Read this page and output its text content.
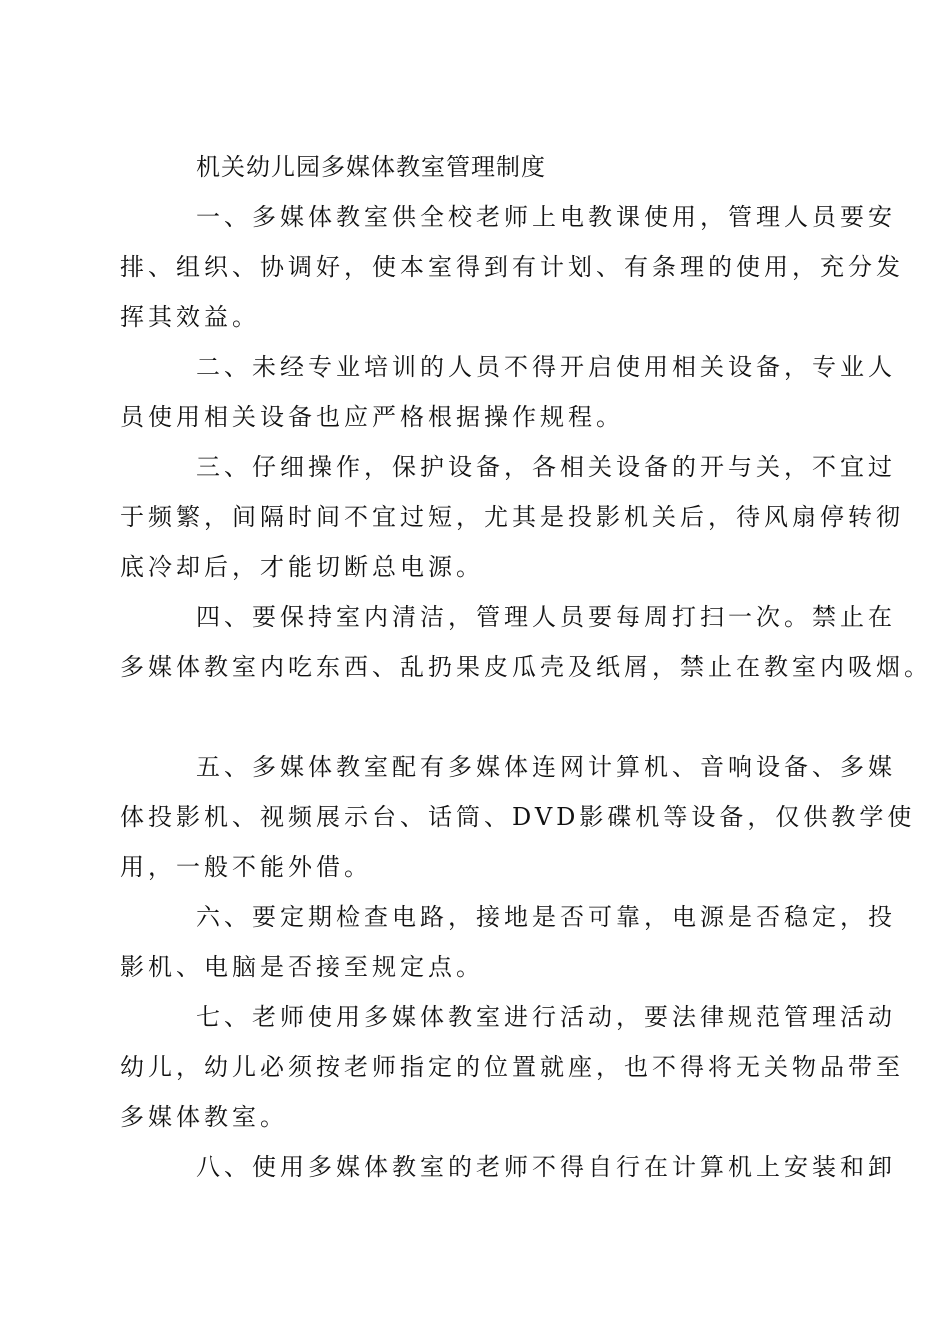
机关幼儿园多媒体教室管理制度

一、多媒体教室供全校老师上电教课使用，管理人员要安
排、组织、协调好，使本室得到有计划、有条理的使用，充分发
挥其效益。

二、未经专业培训的人员不得开启使用相关设备，专业人
员使用相关设备也应严格根据操作规程。

三、仔细操作，保护设备，各相关设备的开与关，不宜过
于频繁，间隔时间不宜过短，尤其是投影机关后，待风扇停转彻
底冷却后，才能切断总电源。

四、要保持室内清洁，管理人员要每周打扫一次。禁止在
多媒体教室内吃东西、乱扔果皮瓜壳及纸屑，禁止在教室内吸烟。

五、多媒体教室配有多媒体连网计算机、音响设备、多媒
体投影机、视频展示台、话筒、DVD影碟机等设备，仅供教学使
用，一般不能外借。

六、要定期检查电路，接地是否可靠，电源是否稳定，投
影机、电脑是否接至规定点。

七、老师使用多媒体教室进行活动，要法律规范管理活动
幼儿，幼儿必须按老师指定的位置就座，也不得将无关物品带至
多媒体教室。

八、使用多媒体教室的老师不得自行在计算机上安装和卸
